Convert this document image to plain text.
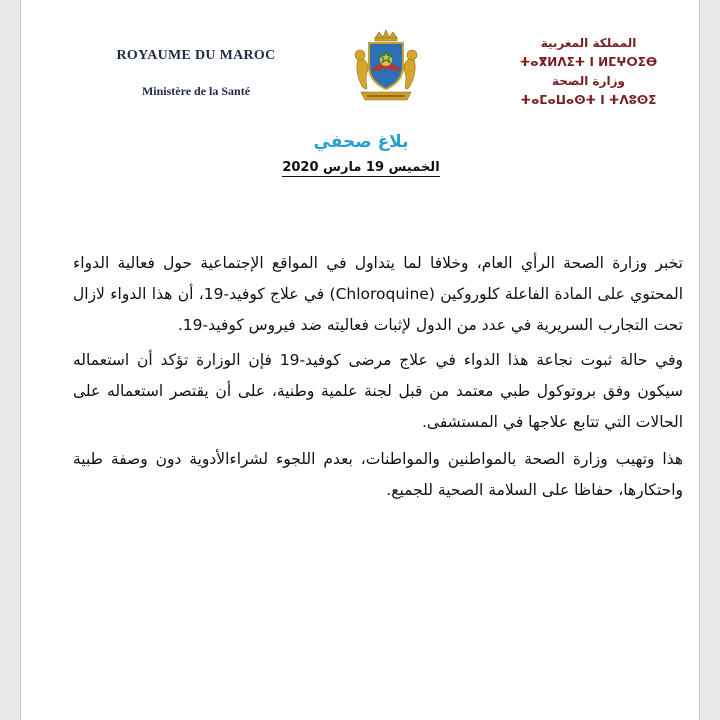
ROYAUME DU MAROC
Ministère de la Santé
المملكة المغربية
ⵜⴰⴳⵍⴷⵉⵜ ⵏ ⵍⵎⵖⵔⵉⴱ
وزارة الصحة
ⵜⴰⵎⴰⵡⴰⵙⵜ ⵏ ⵜⴷⵓⵙⵉ
بلاغ صحفي
الخميس 19 مارس 2020

تخبر وزارة الصحة الرأي العام، وخلافا لما يتداول في المواقع الإجتماعية حول فعالية الدواء المحتوي على المادة الفاعلة كلوروكين (Chloroquine) في علاج كوفيد-19، أن هذا الدواء لازال تحت التجارب السريرية في عدد من الدول لإثبات فعاليته ضد فيروس كوفيد-19.

وفي حالة ثبوت نجاعة هذا الدواء في علاج مرضى كوفيد-19 فإن الوزارة تؤكد أن استعماله سيكون وفق بروتوكول طبي معتمد من قبل لجنة علمية وطنية، على أن يقتصر استعماله على الحالات التي تتابع علاجها في المستشفى.

هذا وتهيب وزارة الصحة بالمواطنين والمواطنات، بعدم اللجوء لشراءالأدوية دون وصفة طبية واحتكارها، حفاظا على السلامة الصحية للجميع.
